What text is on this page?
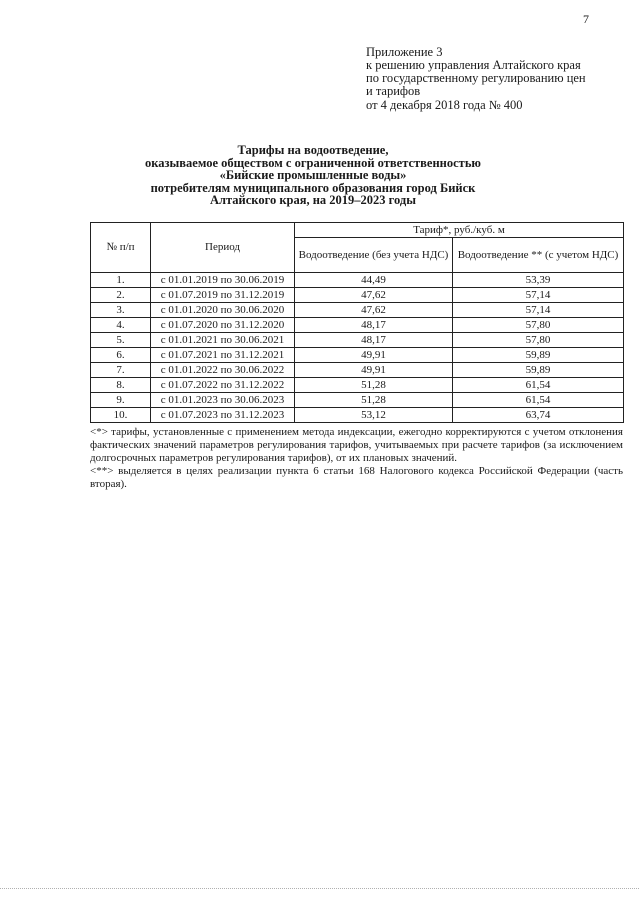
7
Приложение 3
к решению управления Алтайского края
по государственному регулированию цен
и тарифов
от 4 декабря 2018 года № 400
Тарифы на водоотведение,
оказываемое обществом с ограниченной ответственностью
«Бийские промышленные воды»
потребителям муниципального образования город Бийск
Алтайского края, на 2019–2023 годы
№ п/п	Период	Тариф*, руб./куб. м	
		Водоотведение (без учета НДС)	Водоотведение ** (с учетом НДС)
1.	с 01.01.2019 по 30.06.2019	44,49	53,39
2.	с 01.07.2019 по 31.12.2019	47,62	57,14
3.	с 01.01.2020 по 30.06.2020	47,62	57,14
4.	с 01.07.2020 по 31.12.2020	48,17	57,80
5.	с 01.01.2021 по 30.06.2021	48,17	57,80
6.	с 01.07.2021 по 31.12.2021	49,91	59,89
7.	с 01.01.2022 по 30.06.2022	49,91	59,89
8.	с 01.07.2022 по 31.12.2022	51,28	61,54
9.	с 01.01.2023 по 30.06.2023	51,28	61,54
10.	с 01.07.2023 по 31.12.2023	53,12	63,74

<*> тарифы, установленные с применением метода индексации, ежегодно корректируются с учетом отклонения фактических значений параметров регулирования тарифов, учитываемых при расчете тарифов (за исключением долгосрочных параметров регулирования тарифов), от их плановых значений.

<**> выделяется в целях реализации пункта 6 статьи 168 Налогового кодекса Российской Федерации (часть вторая).
